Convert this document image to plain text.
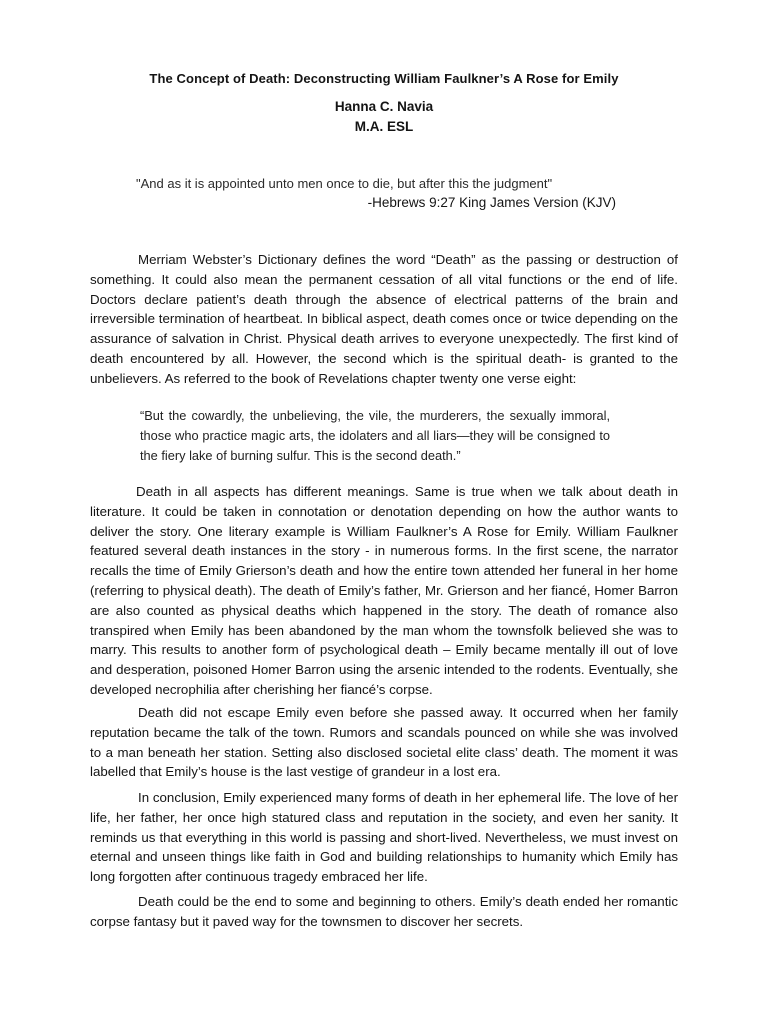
The Concept of Death: Deconstructing William Faulkner’s A Rose for Emily
Hanna C. Navia
M.A. ESL
"And as it is appointed unto men once to die, but after this the judgment"
-Hebrews 9:27 King James Version (KJV)

Merriam Webster’s Dictionary defines the word “Death” as the passing or destruction of something. It could also mean the permanent cessation of all vital functions or the end of life. Doctors declare patient’s death through the absence of electrical patterns of the brain and irreversible termination of heartbeat. In biblical aspect, death comes once or twice depending on the assurance of salvation in Christ. Physical death arrives to everyone unexpectedly. The first kind of death encountered by all. However, the second which is the spiritual death- is granted to the unbelievers. As referred to the book of Revelations chapter twenty one verse eight:

“But the cowardly, the unbelieving, the vile, the murderers, the sexually immoral, those who practice magic arts, the idolaters and all liars—they will be consigned to the fiery lake of burning sulfur. This is the second death.”

Death in all aspects has different meanings. Same is true when we talk about death in literature. It could be taken in connotation or denotation depending on how the author wants to deliver the story. One literary example is William Faulkner’s A Rose for Emily. William Faulkner featured several death instances in the story - in numerous forms. In the first scene, the narrator recalls the time of Emily Grierson’s death and how the entire town attended her funeral in her home (referring to physical death). The death of Emily’s father, Mr. Grierson and her fiancé, Homer Barron are also counted as physical deaths which happened in the story. The death of romance also transpired when Emily has been abandoned by the man whom the townsfolk believed she was to marry. This results to another form of psychological death – Emily became mentally ill out of love and desperation, poisoned Homer Barron using the arsenic intended to the rodents. Eventually, she developed necrophilia after cherishing her fiancé’s corpse.

Death did not escape Emily even before she passed away. It occurred when her family reputation became the talk of the town. Rumors and scandals pounced on while she was involved to a man beneath her station. Setting also disclosed societal elite class’ death. The moment it was labelled that Emily’s house is the last vestige of grandeur in a lost era.

In conclusion, Emily experienced many forms of death in her ephemeral life. The love of her life, her father, her once high statured class and reputation in the society, and even her sanity. It reminds us that everything in this world is passing and short-lived. Nevertheless, we must invest on eternal and unseen things like faith in God and building relationships to humanity which Emily has long forgotten after continuous tragedy embraced her life.

Death could be the end to some and beginning to others. Emily’s death ended her romantic corpse fantasy but it paved way for the townsmen to discover her secrets.
